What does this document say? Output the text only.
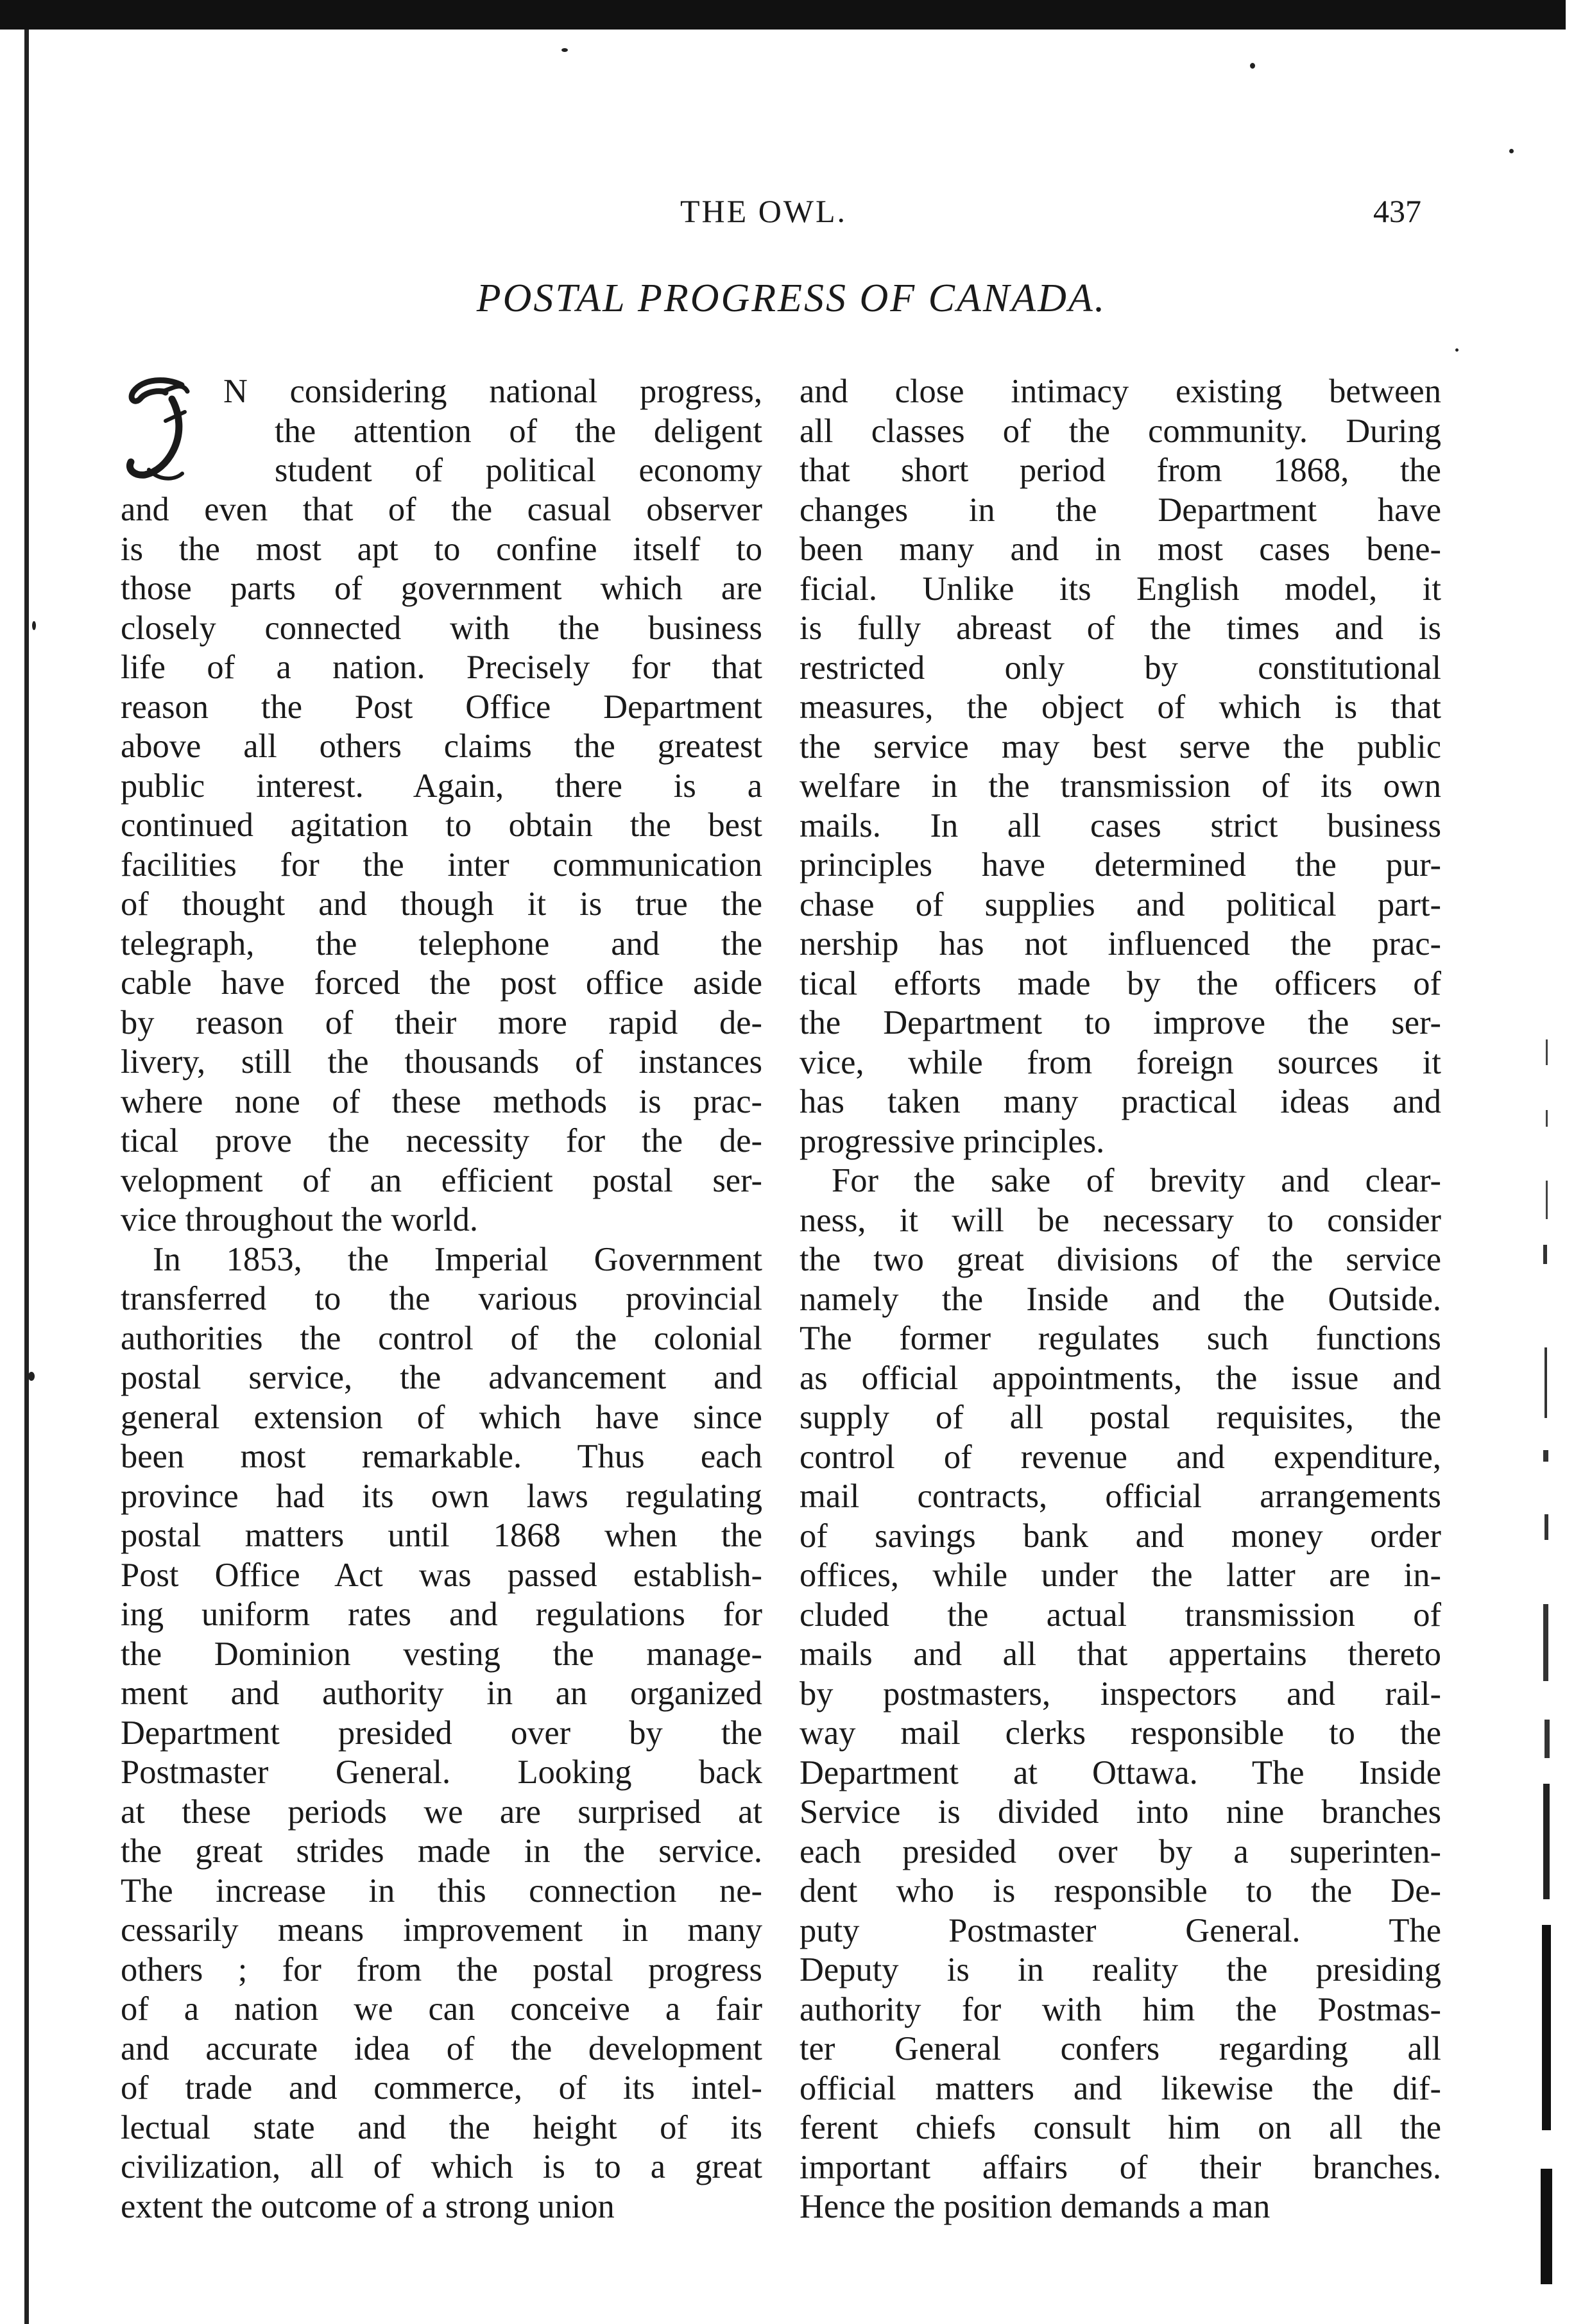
THE OWL.	437
POSTAL PROGRESS OF CANADA.
I	N considering national progress,
the attention of the deligent
student of political economy
and even that of the casual observer
is the most apt to confine itself to
those parts of government which are
closely connected with the business
life of a nation. Precisely for that
reason the Post Office Department
above all others claims the greatest
public interest. Again, there is a
continued agitation to obtain the best
facilities for the inter communication
of thought and though it is true the
telegraph, the telephone and the
cable have forced the post office aside
by reason of their more rapid de-
livery, still the thousands of instances
where none of these methods is prac-
tical prove the necessity for the de-
velopment of an efficient postal ser-
vice throughout the world.
In 1853, the Imperial Government
transferred to the various provincial
authorities the control of the colonial
postal service, the advancement and
general extension of which have since
been most remarkable. Thus each
province had its own laws regulating
postal matters until 1868 when the
Post Office Act was passed establish-
ing uniform rates and regulations for
the Dominion vesting the manage-
ment and authority in an organized
Department presided over by the
Postmaster General. Looking back
at these periods we are surprised at
the great strides made in the service.
The increase in this connection ne-
cessarily means improvement in many
others ; for from the postal progress
of a nation we can conceive a fair
and accurate idea of the development
of trade and commerce, of its intel-
lectual state and the height of its
civilization, all of which is to a great
extent the outcome of a strong union
and close intimacy existing between
all classes of the community. During
that short period from 1868, the
changes in the Department have
been many and in most cases bene-
ficial. Unlike its English model, it
is fully abreast of the times and is
restricted only by constitutional
measures, the object of which is that
the service may best serve the public
welfare in the transmission of its own
mails. In all cases strict business
principles have determined the pur-
chase of supplies and political part-
nership has not influenced the prac-
tical efforts made by the officers of
the Department to improve the ser-
vice, while from foreign sources it
has taken many practical ideas and
progressive principles.
For the sake of brevity and clear-
ness, it will be necessary to consider
the two great divisions of the service
namely the Inside and the Outside.
The former regulates such functions
as official appointments, the issue and
supply of all postal requisites, the
control of revenue and expenditure,
mail contracts, official arrangements
of savings bank and money order
offices, while under the latter are in-
cluded the actual transmission of
mails and all that appertains thereto
by postmasters, inspectors and rail-
way mail clerks responsible to the
Department at Ottawa. The Inside
Service is divided into nine branches
each presided over by a superinten-
dent who is responsible to the De-
puty Postmaster General. The
Deputy is in reality the presiding
authority for with him the Postmas-
ter General confers regarding all
official matters and likewise the dif-
ferent chiefs consult him on all the
important affairs of their branches.
Hence the position demands a man
